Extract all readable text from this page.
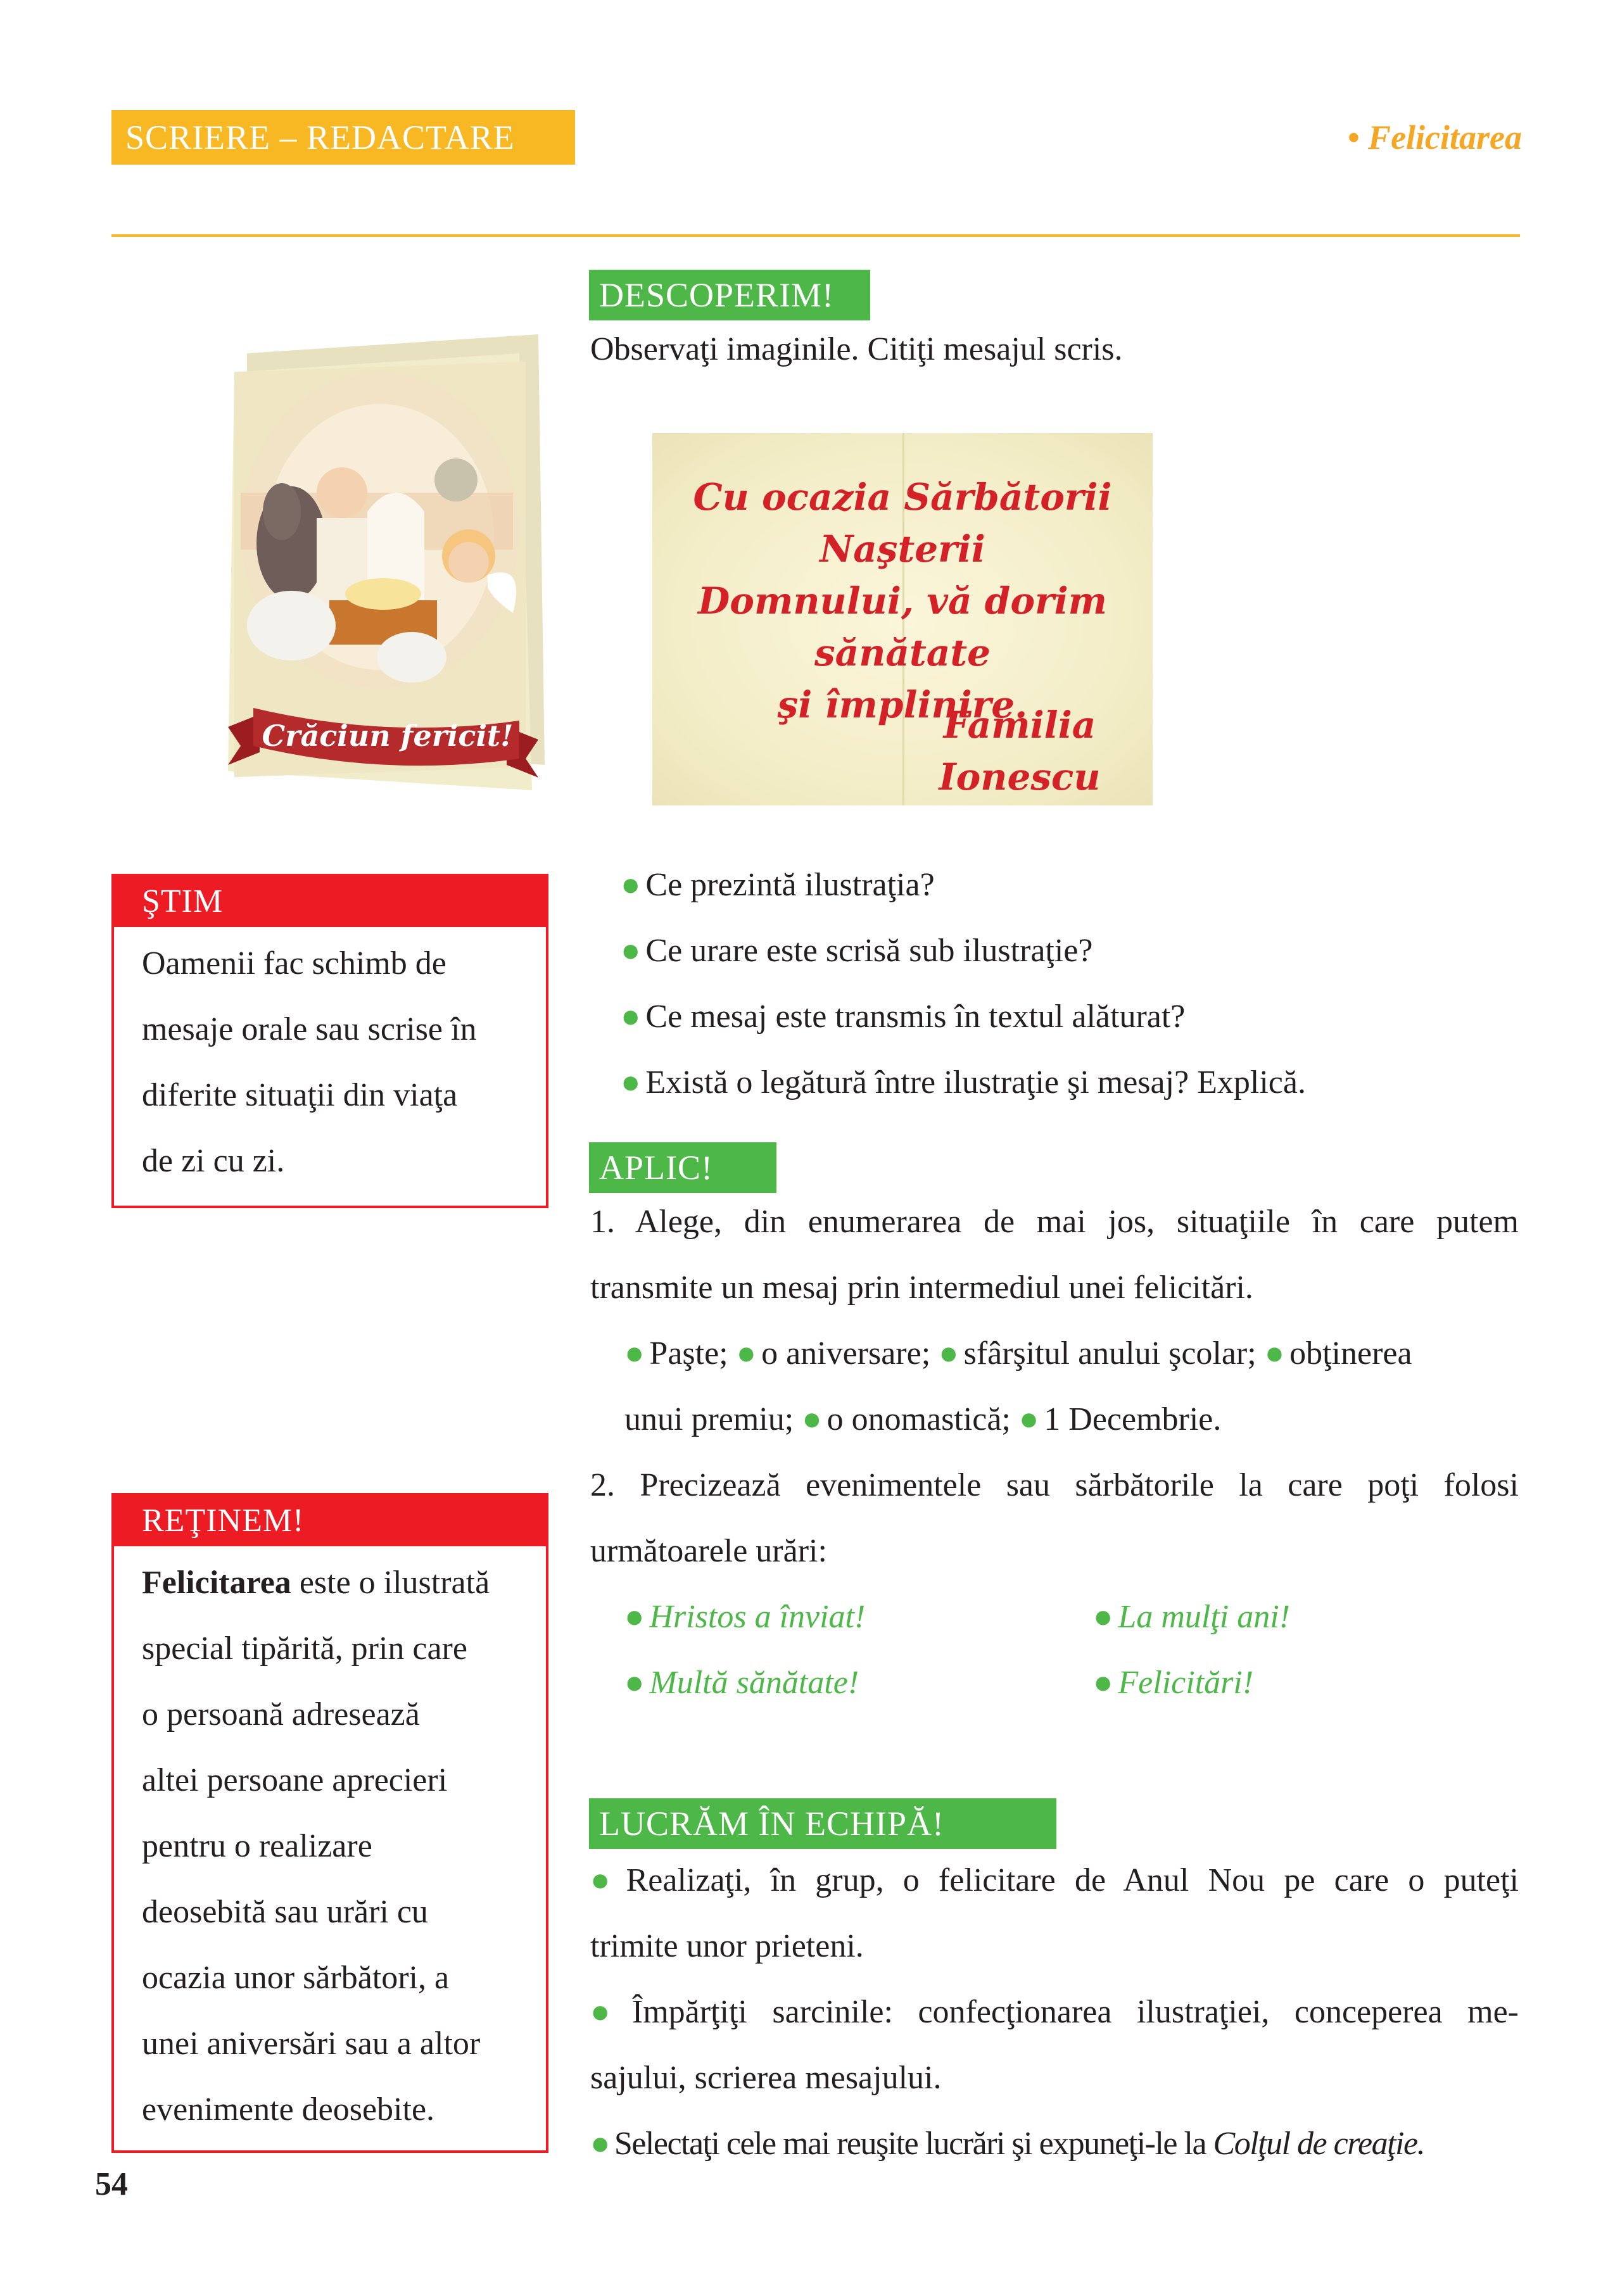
SCRIERE – REDACTARE	• Felicitarea
Crăciun fericit!
DESCOPERIM!
Observaţi imaginile. Citiţi mesajul scris.
Cu ocazia Sărbătorii Naşterii
Domnului, vă dorim sănătate
şi împlinire.
Familia Ionescu
ŞTIM
Oamenii fac schimb de
mesaje orale sau scrise în
diferite situaţii din viaţa
de zi cu zi.
● Ce prezintă ilustraţia?
● Ce urare este scrisă sub ilustraţie?
● Ce mesaj este transmis în textul alăturat?
● Există o legătură între ilustraţie şi mesaj? Explică.
APLIC!
1. Alege, din enumerarea de mai jos, situaţiile în care putem
transmite un mesaj prin intermediul unei felicitări.
● Paşte; ● o aniversare; ● sfârşitul anului şcolar; ● obţinerea
unui premiu; ● o onomastică; ● 1 Decembrie.
2. Precizează evenimentele sau sărbătorile la care poţi folosi
următoarele urări:
● Hristos a înviat!	● La mulţi ani!
● Multă sănătate!	● Felicitări!
REŢINEM!
Felicitarea este o ilustrată
special tipărită, prin care
o persoană adresează
altei persoane aprecieri
pentru o realizare
deosebită sau urări cu
ocazia unor sărbători, a
unei aniversări sau a altor
evenimente deosebite.
LUCRĂM ÎN ECHIPĂ!
● Realizaţi, în grup, o felicitare de Anul Nou pe care o puteţi
trimite unor prieteni.
● Împărţiţi sarcinile: confecţionarea ilustraţiei, conceperea me-
sajului, scrierea mesajului.
● Selectaţi cele mai reuşite lucrări şi expuneţi-le la Colţul de creaţie.
54
